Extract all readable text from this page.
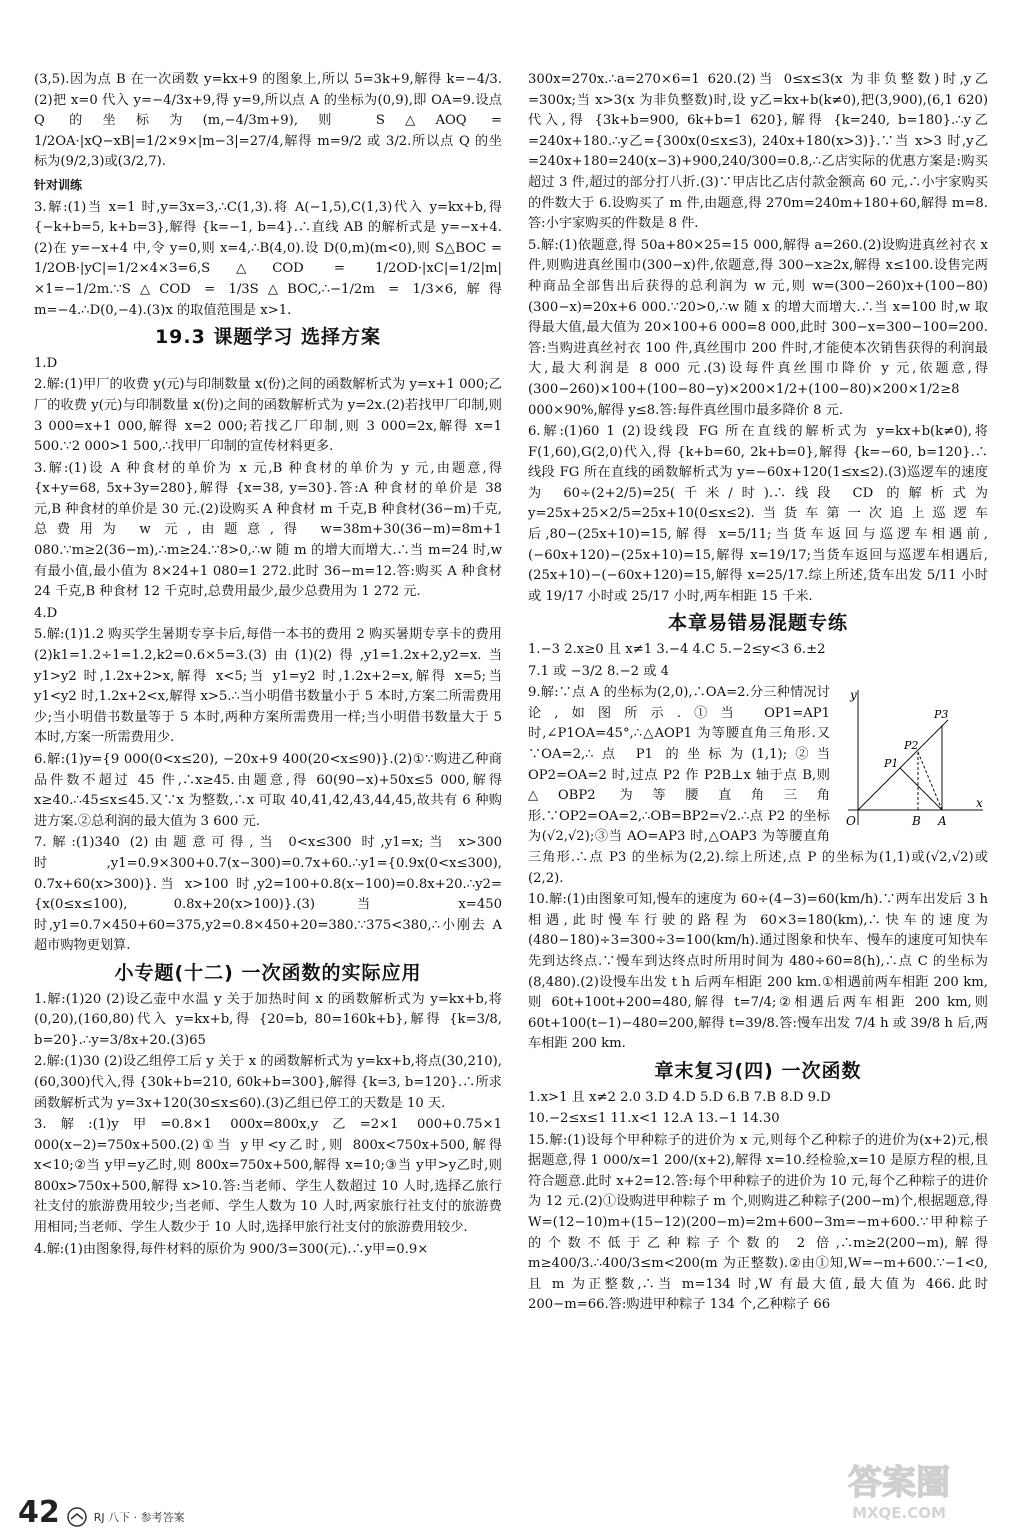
(3,5).因为点 B 在一次函数 y=kx+9 的图象上,所以 5=3k+9,解得 k=−4/3.(2)把 x=0 代入 y=−4/3x+9,得 y=9,所以点 A 的坐标为(0,9),即 OA=9.设点 Q 的坐标为(m,−4/3m+9),则 S△AOQ = 1/2OA·|xQ−xB|=1/2×9×|m−3|=27/4,解得 m=9/2 或 3/2.所以点 Q 的坐标为(9/2,3)或(3/2,7).

针对训练

3.解:(1)当 x=1 时,y=3x=3,∴C(1,3).将 A(−1,5),C(1,3)代入 y=kx+b,得 {−k+b=5, k+b=3},解得 {k=−1, b=4}.∴直线 AB 的解析式是 y=−x+4.(2)在 y=−x+4 中,令 y=0,则 x=4,∴B(4,0).设 D(0,m)(m<0),则 S△BOC = 1/2OB·|yC|=1/2×4×3=6,S△COD = 1/2OD·|xC|=1/2|m|×1=−1/2m.∵S△COD = 1/3S△BOC,∴−1/2m = 1/3×6,解得 m=−4.∴D(0,−4).(3)x 的取值范围是 x>1.

19.3 课题学习 选择方案

1.D

2.解:(1)甲厂的收费 y(元)与印制数量 x(份)之间的函数解析式为 y=x+1 000;乙厂的收费 y(元)与印制数量 x(份)之间的函数解析式为 y=2x.(2)若找甲厂印制,则 3 000=x+1 000,解得 x=2 000;若找乙厂印制,则 3 000=2x,解得 x=1 500.∵2 000>1 500,∴找甲厂印制的宣传材料更多.

3.解:(1)设 A 种食材的单价为 x 元,B 种食材的单价为 y 元,由题意,得 {x+y=68, 5x+3y=280},解得 {x=38, y=30}.答:A 种食材的单价是 38 元,B 种食材的单价是 30 元.(2)设购买 A 种食材 m 千克,B 种食材(36−m)千克,总费用为 w 元,由题意,得 w=38m+30(36−m)=8m+1 080.∵m≥2(36−m),∴m≥24.∵8>0,∴w 随 m 的增大而增大.∴当 m=24 时,w 有最小值,最小值为 8×24+1 080=1 272.此时 36−m=12.答:购买 A 种食材 24 千克,B 种食材 12 千克时,总费用最少,最少总费用为 1 272 元.

4.D

5.解:(1)1.2 购买学生暑期专享卡后,每借一本书的费用 2 购买暑期专享卡的费用 (2)k1=1.2÷1=1.2,k2=0.6×5=3.(3)由(1)(2)得,y1=1.2x+2,y2=x.当 y1>y2 时,1.2x+2>x,解得 x<5;当 y1=y2 时,1.2x+2=x,解得 x=5;当 y1<y2 时,1.2x+2<x,解得 x>5.∴当小明借书数量小于 5 本时,方案二所需费用少;当小明借书数量等于 5 本时,两种方案所需费用一样;当小明借书数量大于 5 本时,方案一所需费用少.

6.解:(1)y={9 000(0<x≤20), −20x+9 400(20<x≤90)}.(2)①∵购进乙种商品件数不超过 45 件,∴x≥45.由题意,得 60(90−x)+50x≤5 000,解得 x≥40.∴45≤x≤45.又∵x 为整数,∴x 可取 40,41,42,43,44,45,故共有 6 种购进方案.②总利润的最大值为 3 600 元.

7.解:(1)340 (2)由题意可得,当 0<x≤300 时,y1=x;当 x>300 时,y1=0.9×300+0.7(x−300)=0.7x+60.∴y1={0.9x(0<x≤300), 0.7x+60(x>300)}.当 x>100 时,y2=100+0.8(x−100)=0.8x+20.∴y2={x(0≤x≤100), 0.8x+20(x>100)}.(3)当 x=450 时,y1=0.7×450+60=375,y2=0.8×450+20=380.∵375<380,∴小刚去 A 超市购物更划算.

小专题(十二) 一次函数的实际应用

1.解:(1)20 (2)设乙壶中水温 y 关于加热时间 x 的函数解析式为 y=kx+b,将(0,20),(160,80)代入 y=kx+b,得 {20=b, 80=160k+b},解得 {k=3/8, b=20}.∴y=3/8x+20.(3)65

2.解:(1)30 (2)设乙组停工后 y 关于 x 的函数解析式为 y=kx+b,将点(30,210),(60,300)代入,得 {30k+b=210, 60k+b=300},解得 {k=3, b=120}.∴所求函数解析式为 y=3x+120(30≤x≤60).(3)乙组已停工的天数是 10 天.

3.解:(1)y甲=0.8×1 000x=800x,y乙=2×1 000+0.75×1 000(x−2)=750x+500.(2)①当 y甲<y乙时,则 800x<750x+500,解得 x<10;②当 y甲=y乙时,则 800x=750x+500,解得 x=10;③当 y甲>y乙时,则 800x>750x+500,解得 x>10.答:当老师、学生人数超过 10 人时,选择乙旅行社支付的旅游费用较少;当老师、学生人数为 10 人时,两家旅行社支付的旅游费用相同;当老师、学生人数少于 10 人时,选择甲旅行社支付的旅游费用较少.

4.解:(1)由图象得,每件材料的原价为 900/3=300(元).∴y甲=0.9×

300x=270x.∴a=270×6=1 620.(2)当 0≤x≤3(x 为非负整数)时,y乙=300x;当 x>3(x 为非负整数)时,设 y乙=kx+b(k≠0),把(3,900),(6,1 620)代入,得 {3k+b=900, 6k+b=1 620},解得 {k=240, b=180}.∴y乙=240x+180.∴y乙={300x(0≤x≤3), 240x+180(x>3)}.∵当 x>3 时,y乙=240x+180=240(x−3)+900,240/300=0.8,∴乙店实际的优惠方案是:购买超过 3 件,超过的部分打八折.(3)∵甲店比乙店付款金额高 60 元,∴小宇家购买的件数大于 6.设购买了 m 件,由题意,得 270m=240m+180+60,解得 m=8.答:小宇家购买的件数是 8 件.

5.解:(1)依题意,得 50a+80×25=15 000,解得 a=260.(2)设购进真丝衬衣 x 件,则购进真丝围巾(300−x)件,依题意,得 300−x≥2x,解得 x≤100.设售完两种商品全部售出后获得的总利润为 w 元,则 w=(300−260)x+(100−80)(300−x)=20x+6 000.∵20>0,∴w 随 x 的增大而增大.∴当 x=100 时,w 取得最大值,最大值为 20×100+6 000=8 000,此时 300−x=300−100=200.答:当购进真丝衬衣 100 件,真丝围巾 200 件时,才能使本次销售获得的利润最大,最大利润是 8 000 元.(3)设每件真丝围巾降价 y 元,依题意,得(300−260)×100+(100−80−y)×200×1/2+(100−80)×200×1/2≥8 000×90%,解得 y≤8.答:每件真丝围巾最多降价 8 元.

6.解:(1)60 1 (2)设线段 FG 所在直线的解析式为 y=kx+b(k≠0),将 F(1,60),G(2,0)代入,得 {k+b=60, 2k+b=0},解得 {k=−60, b=120}.∴线段 FG 所在直线的函数解析式为 y=−60x+120(1≤x≤2).(3)巡逻车的速度为 60÷(2+2/5)=25(千米/时).∴线段 CD 的解析式为 y=25x+25×2/5=25x+10(0≤x≤2).当货车第一次追上巡逻车后,80−(25x+10)=15,解得 x=5/11;当货车返回与巡逻车相遇前,(−60x+120)−(25x+10)=15,解得 x=19/17;当货车返回与巡逻车相遇后,(25x+10)−(−60x+120)=15,解得 x=25/17.综上所述,货车出发 5/11 小时或 19/17 小时或 25/17 小时,两车相距 15 千米.

本章易错易混题专练

1.−3 2.x≥0 且 x≠1 3.−4 4.C 5.−2≤y<3 6.±2

7.1 或 −3/2 8.−2 或 4

y
x
O	B A
P1
P2
P3

9.解:∵点 A 的坐标为(2,0),∴OA=2.分三种情况讨论,如图所示.①当 OP1=AP1 时,∠P1OA=45°,∴△AOP1 为等腰直角三角形.又∵OA=2,∴点 P1 的坐标为(1,1);②当 OP2=OA=2 时,过点 P2 作 P2B⊥x 轴于点 B,则△OBP2 为等腰直角三角形.∵OP2=OA=2,∴OB=BP2=√2.∴点 P2 的坐标为(√2,√2);③当 AO=AP3 时,△OAP3 为等腰直角三角形.∴点 P3 的坐标为(2,2).综上所述,点 P 的坐标为(1,1)或(√2,√2)或(2,2).

10.解:(1)由图象可知,慢车的速度为 60÷(4−3)=60(km/h).∵两车出发后 3 h 相遇,此时慢车行驶的路程为 60×3=180(km),∴快车的速度为(480−180)÷3=300÷3=100(km/h).通过图象和快车、慢车的速度可知快车先到达终点.∵慢车到达终点时所用时间为 480÷60=8(h),∴点 C 的坐标为(8,480).(2)设慢车出发 t h 后两车相距 200 km.①相遇前两车相距 200 km,则 60t+100t+200=480,解得 t=7/4;②相遇后两车相距 200 km,则 60t+100(t−1)−480=200,解得 t=39/8.答:慢车出发 7/4 h 或 39/8 h 后,两车相距 200 km.

章末复习(四) 一次函数

1.x>1 且 x≠2 2.0 3.D 4.D 5.D 6.B 7.B 8.D 9.D

10.−2≤x≤1 11.x<1 12.A 13.−1 14.30

15.解:(1)设每个甲种粽子的进价为 x 元,则每个乙种粽子的进价为(x+2)元,根据题意,得 1 000/x=1 200/(x+2),解得 x=10.经检验,x=10 是原方程的根,且符合题意.此时 x+2=12.答:每个甲种粽子的进价为 10 元,每个乙种粽子的进价为 12 元.(2)①设购进甲种粽子 m 个,则购进乙种粽子(200−m)个,根据题意,得 W=(12−10)m+(15−12)(200−m)=2m+600−3m=−m+600.∵甲种粽子的个数不低于乙种粽子个数的 2 倍,∴m≥2(200−m),解得 m≥400/3.∴400/3≤m<200(m 为正整数).②由①知,W=−m+600.∵−1<0,且 m 为正整数,∴当 m=134 时,W 有最大值,最大值为 466.此时 200−m=66.答:购进甲种粽子 134 个,乙种粽子 66

42	RJ 八下 · 参考答案
答案圈
MXQE.COM
